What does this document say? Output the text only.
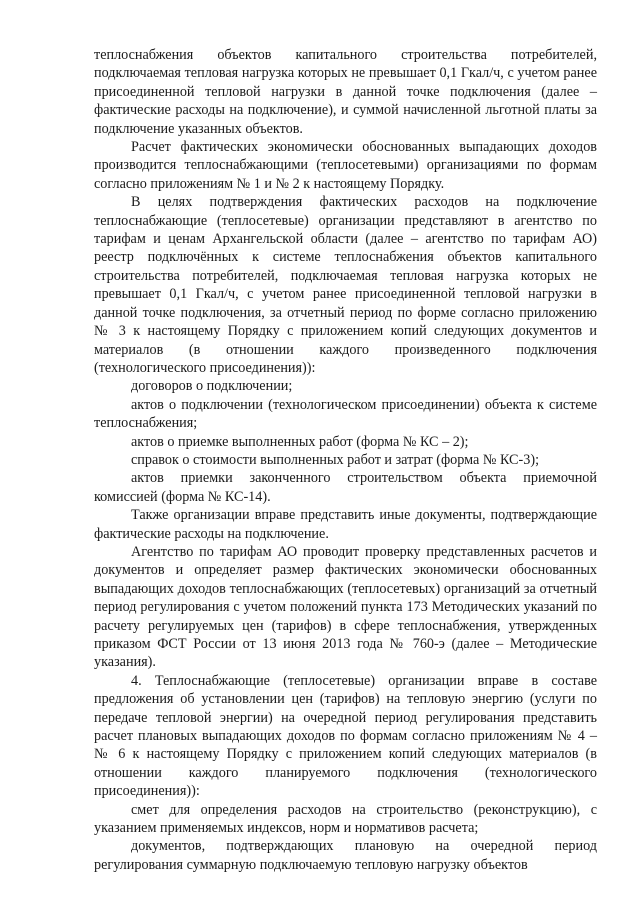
теплоснабжения объектов капитального строительства потребителей, подключаемая тепловая нагрузка которых не превышает 0,1 Гкал/ч, с учетом ранее присоединенной тепловой нагрузки в данной точке подключения (далее – фактические расходы на подключение), и суммой начисленной льготной платы за подключение указанных объектов.

Расчет фактических экономически обоснованных выпадающих доходов производится теплоснабжающими (теплосетевыми) организациями по формам согласно приложениям № 1 и № 2 к настоящему Порядку.

В целях подтверждения фактических расходов на подключение теплоснабжающие (теплосетевые) организации представляют в агентство по тарифам и ценам Архангельской области (далее – агентство по тарифам АО) реестр подключённых к системе теплоснабжения объектов капитального строительства потребителей, подключаемая тепловая нагрузка которых не превышает 0,1 Гкал/ч, с учетом ранее присоединенной тепловой нагрузки в данной точке подключения, за отчетный период по форме согласно приложению № 3 к настоящему Порядку с приложением копий следующих документов и материалов (в отношении каждого произведенного подключения (технологического присоединения)):

договоров о подключении;

актов о подключении (технологическом присоединении) объекта к системе теплоснабжения;

актов о приемке выполненных работ (форма № КС – 2);

справок о стоимости выполненных работ и затрат (форма № КС-3);

актов приемки законченного строительством объекта приемочной комиссией (форма № КС-14).

Также организации вправе представить иные документы, подтверждающие фактические расходы на подключение.

Агентство по тарифам АО проводит проверку представленных расчетов и документов и определяет размер фактических экономически обоснованных выпадающих доходов теплоснабжающих (теплосетевых) организаций за отчетный период регулирования с учетом положений пункта 173 Методических указаний по расчету регулируемых цен (тарифов) в сфере теплоснабжения, утвержденных приказом ФСТ России от 13 июня 2013 года № 760-э (далее – Методические указания).

4. Теплоснабжающие (теплосетевые) организации вправе в составе предложения об установлении цен (тарифов) на тепловую энергию (услуги по передаче тепловой энергии) на очередной период регулирования представить расчет плановых выпадающих доходов по формам согласно приложениям № 4 – № 6 к настоящему Порядку с приложением копий следующих материалов (в отношении каждого планируемого подключения (технологического присоединения)):

смет для определения расходов на строительство (реконструкцию), с указанием применяемых индексов, норм и нормативов расчета;

документов, подтверждающих плановую на очередной период регулирования суммарную подключаемую тепловую нагрузку объектов
